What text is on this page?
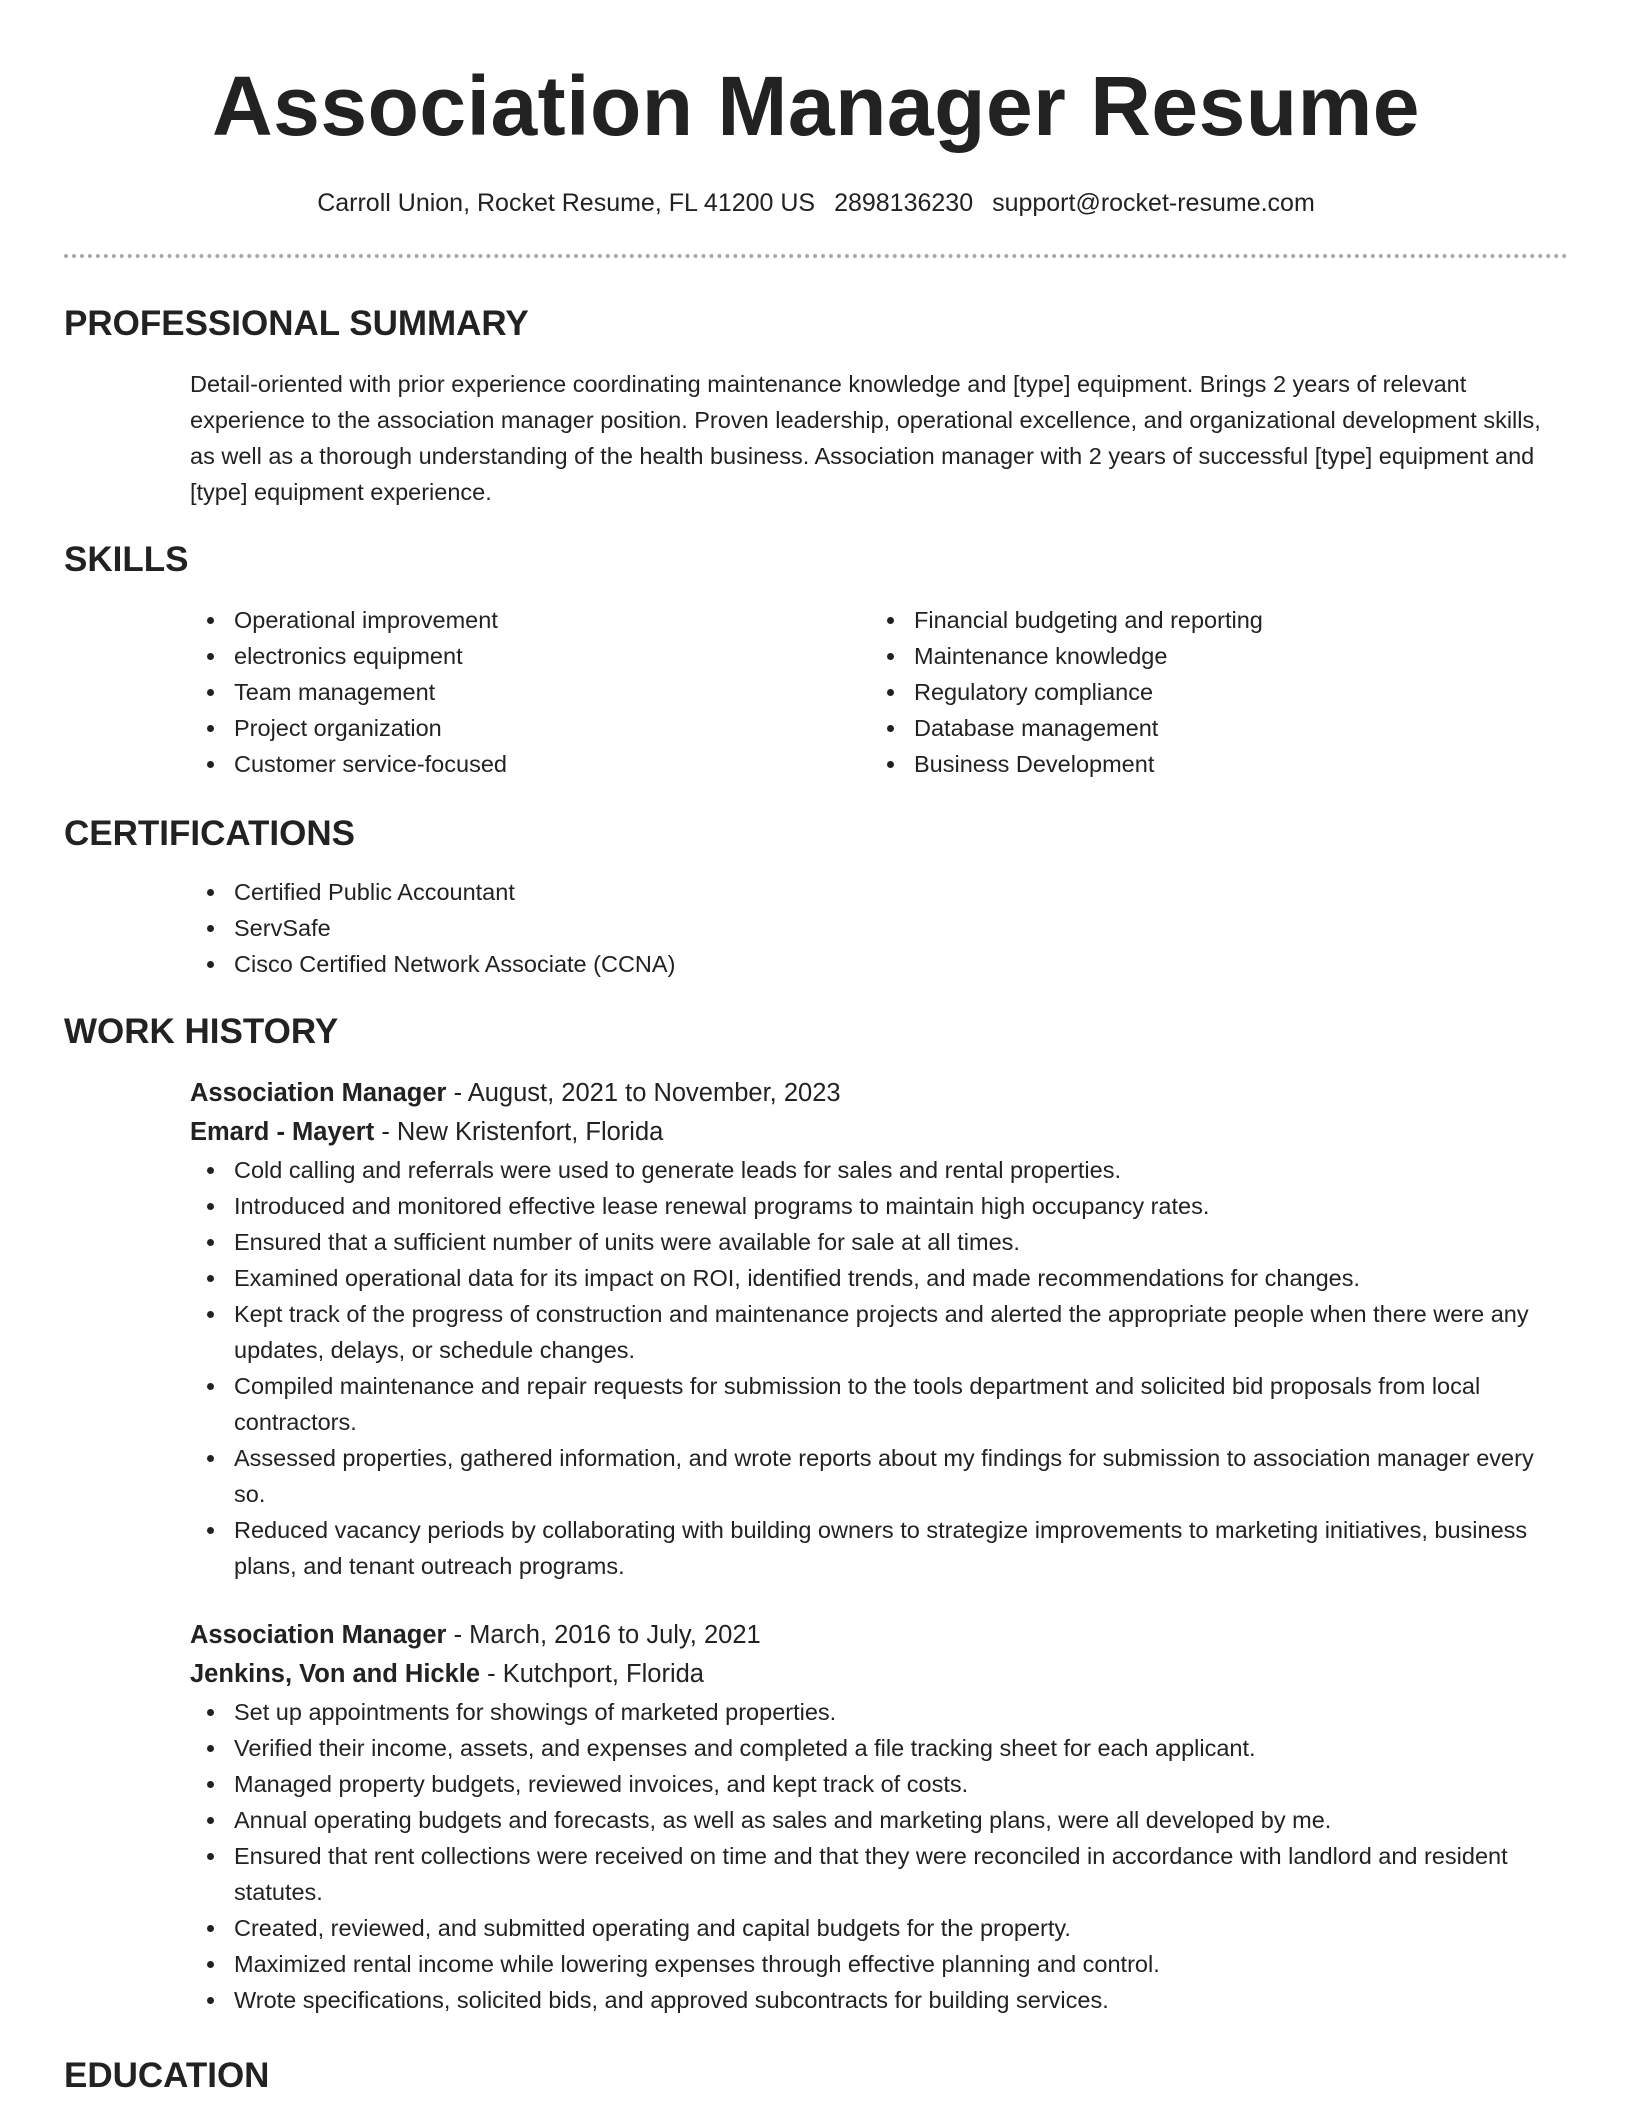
Association Manager Resume
Carroll Union, Rocket Resume, FL 41200 US 2898136230 support@rocket-resume.com
PROFESSIONAL SUMMARY

Detail-oriented with prior experience coordinating maintenance knowledge and [type] equipment. Brings 2 years of relevant experience to the association manager position. Proven leadership, operational excellence, and organizational development skills, as well as a thorough understanding of the health business. Association manager with 2 years of successful [type] equipment and [type] equipment experience.

SKILLS
Operational improvement
electronics equipment
Team management
Project organization
Customer service-focused
Financial budgeting and reporting
Maintenance knowledge
Regulatory compliance
Database management
Business Development
CERTIFICATIONS
Certified Public Accountant
ServSafe
Cisco Certified Network Associate (CCNA)
WORK HISTORY
Association Manager - August, 2021 to November, 2023
Emard - Mayert - New Kristenfort, Florida
Cold calling and referrals were used to generate leads for sales and rental properties.
Introduced and monitored effective lease renewal programs to maintain high occupancy rates.
Ensured that a sufficient number of units were available for sale at all times.
Examined operational data for its impact on ROI, identified trends, and made recommendations for changes.
Kept track of the progress of construction and maintenance projects and alerted the appropriate people when there were any updates, delays, or schedule changes.
Compiled maintenance and repair requests for submission to the tools department and solicited bid proposals from local contractors.
Assessed properties, gathered information, and wrote reports about my findings for submission to association manager every so.
Reduced vacancy periods by collaborating with building owners to strategize improvements to marketing initiatives, business plans, and tenant outreach programs.
Association Manager - March, 2016 to July, 2021
Jenkins, Von and Hickle - Kutchport, Florida
Set up appointments for showings of marketed properties.
Verified their income, assets, and expenses and completed a file tracking sheet for each applicant.
Managed property budgets, reviewed invoices, and kept track of costs.
Annual operating budgets and forecasts, as well as sales and marketing plans, were all developed by me.
Ensured that rent collections were received on time and that they were reconciled in accordance with landlord and resident statutes.
Created, reviewed, and submitted operating and capital budgets for the property.
Maximized rental income while lowering expenses through effective planning and control.
Wrote specifications, solicited bids, and approved subcontracts for building services.
EDUCATION
